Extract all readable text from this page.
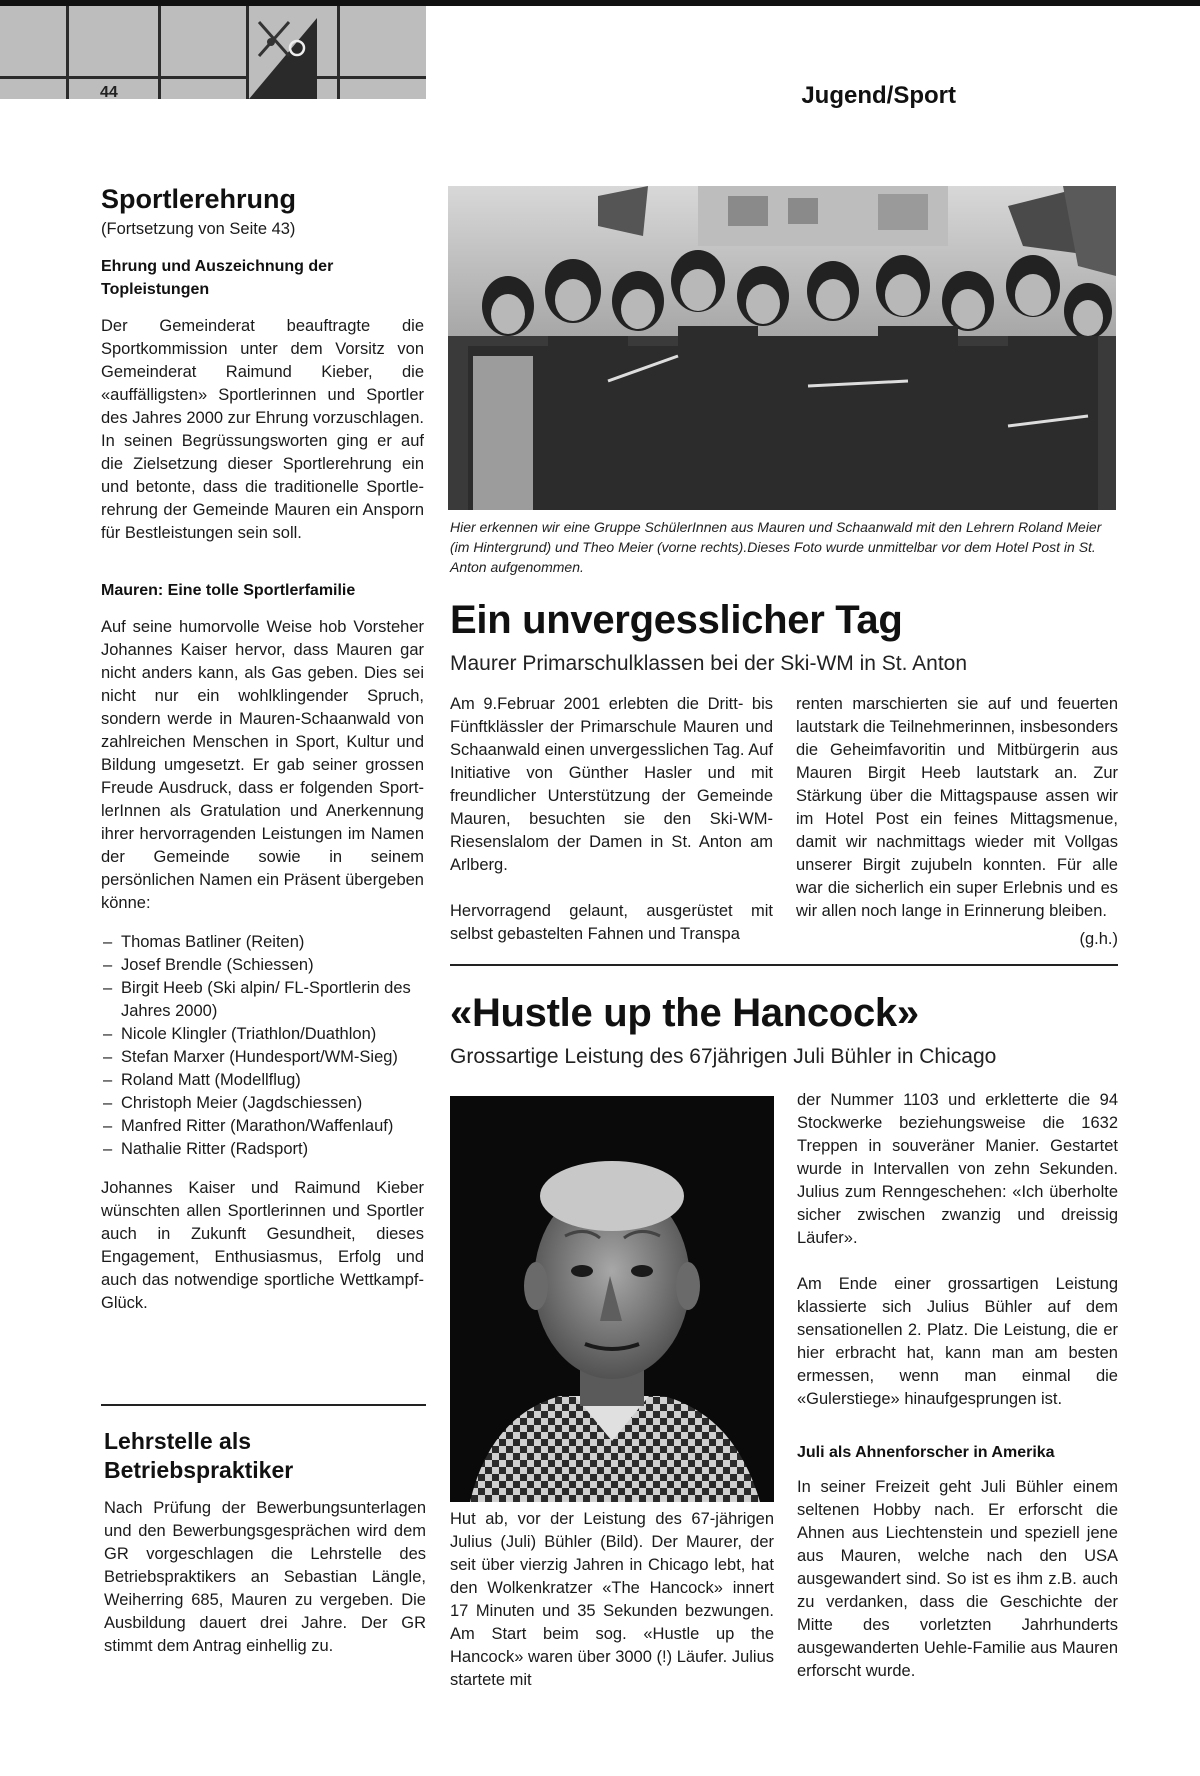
44	Jugend/Sport
Sportlerehrung

(Fortsetzung von Seite 43)

Ehrung und Auszeichnung der Topleistungen

Der Gemeinderat beauftragte die Sportkommission unter dem Vorsitz von Gemeinderat Raimund Kieber, die «auffälligsten» Sportlerinnen und Sportler des Jahres 2000 zur Ehrung vorzuschlagen. In seinen Begrüssungsworten ging er auf die Zielsetzung dieser Sportlerehrung ein und betonte, dass die traditionelle Sportlerehrung der Gemeinde Mauren ein Ansporn für Bestleistungen sein soll.

Mauren: Eine tolle Sportlerfamilie

Auf seine humorvolle Weise hob Vorsteher Johannes Kaiser hervor, dass Mauren gar nicht anders kann, als Gas geben. Dies sei nicht nur ein wohlklingender Spruch, sondern werde in Mauren-Schaanwald von zahlreichen Menschen in Sport, Kultur und Bildung umgesetzt. Er gab seiner grossen Freude Ausdruck, dass er folgenden SportlerInnen als Gratulation und Anerkennung ihrer hervorragenden Leistungen im Namen der Gemeinde sowie in seinem persönlichen Namen ein Präsent übergeben könne:

– Thomas Batliner (Reiten)
– Josef Brendle (Schiessen)
– Birgit Heeb (Ski alpin/ FL-Sportlerin des Jahres 2000)
– Nicole Klingler (Triathlon/Duathlon)
– Stefan Marxer (Hundesport/WM-Sieg)
– Roland Matt (Modellflug)
– Christoph Meier (Jagdschiessen)
– Manfred Ritter (Marathon/Waffenlauf)
– Nathalie Ritter (Radsport)

Johannes Kaiser und Raimund Kieber wünschten allen Sportlerinnen und Sportler auch in Zukunft Gesundheit, dieses Engagement, Enthusiasmus, Erfolg und auch das notwendige sportliche Wettkampf-Glück.

Lehrstelle als Betriebspraktiker

Nach Prüfung der Bewerbungsunterlagen und den Bewerbungsgesprächen wird dem GR vorgeschlagen die Lehrstelle des Betriebspraktikers an Sebastian Längle, Weiherring 685, Mauren zu vergeben. Die Ausbildung dauert drei Jahre. Der GR stimmt dem Antrag einhellig zu.

Hier erkennen wir eine Gruppe SchülerInnen aus Mauren und Schaanwald mit den Lehrern Roland Meier (im Hintergrund) und Theo Meier (vorne rechts).Dieses Foto wurde unmittelbar vor dem Hotel Post in St. Anton aufgenommen.

Ein unvergesslicher Tag

Maurer Primarschulklassen bei der Ski-WM in St. Anton

Am 9.Februar 2001 erlebten die Dritt- bis Fünftklässler der Primarschule Mauren und Schaanwald einen unvergesslichen Tag. Auf Initiative von Günther Hasler und mit freundlicher Unterstützung der Gemeinde Mauren, besuchten sie den Ski-WM-Riesenslalom der Damen in St. Anton am Arlberg.

Hervorragend gelaunt, ausgerüstet mit selbst gebastelten Fahnen und Transpa

renten marschierten sie auf und feuerten lautstark die Teilnehmerinnen, insbesonders die Geheimfavoritin und Mitbürgerin aus Mauren Birgit Heeb lautstark an. Zur Stärkung über die Mittagspause assen wir im Hotel Post ein feines Mittagsmenue, damit wir nachmittags wieder mit Vollgas unserer Birgit zujubeln konnten. Für alle war die sicherlich ein super Erlebnis und es wir allen noch lange in Erinnerung bleiben.

(g.h.)
«Hustle up the Hancock»

Grossartige Leistung des 67jährigen Juli Bühler in Chicago

Hut ab, vor der Leistung des 67-jährigen Julius (Juli) Bühler (Bild). Der Maurer, der seit über vierzig Jahren in Chicago lebt, hat den Wolkenkratzer «The Hancock» innert 17 Minuten und 35 Sekunden bezwungen. Am Start beim sog. «Hustle up the Hancock» waren über 3000 (!) Läufer. Julius startete mit

der Nummer 1103 und erkletterte die 94 Stockwerke beziehungsweise die 1632 Treppen in souveräner Manier. Gestartet wurde in Intervallen von zehn Sekunden. Julius zum Renngeschehen: «Ich überholte sicher zwischen zwanzig und dreissig Läufer».

Am Ende einer grossartigen Leistung klassierte sich Julius Bühler auf dem sensationellen 2. Platz. Die Leistung, die er hier erbracht hat, kann man am besten ermessen, wenn man einmal die «Gulerstiege» hinaufgesprungen ist.

Juli als Ahnenforscher in Amerika

In seiner Freizeit geht Juli Bühler einem seltenen Hobby nach. Er erforscht die Ahnen aus Liechtenstein und speziell jene aus Mauren, welche nach den USA ausgewandert sind. So ist es ihm z.B. auch zu verdanken, dass die Geschichte der Mitte des vorletzten Jahrhunderts ausgewanderten Uehle-Familie aus Mauren erforscht wurde.
